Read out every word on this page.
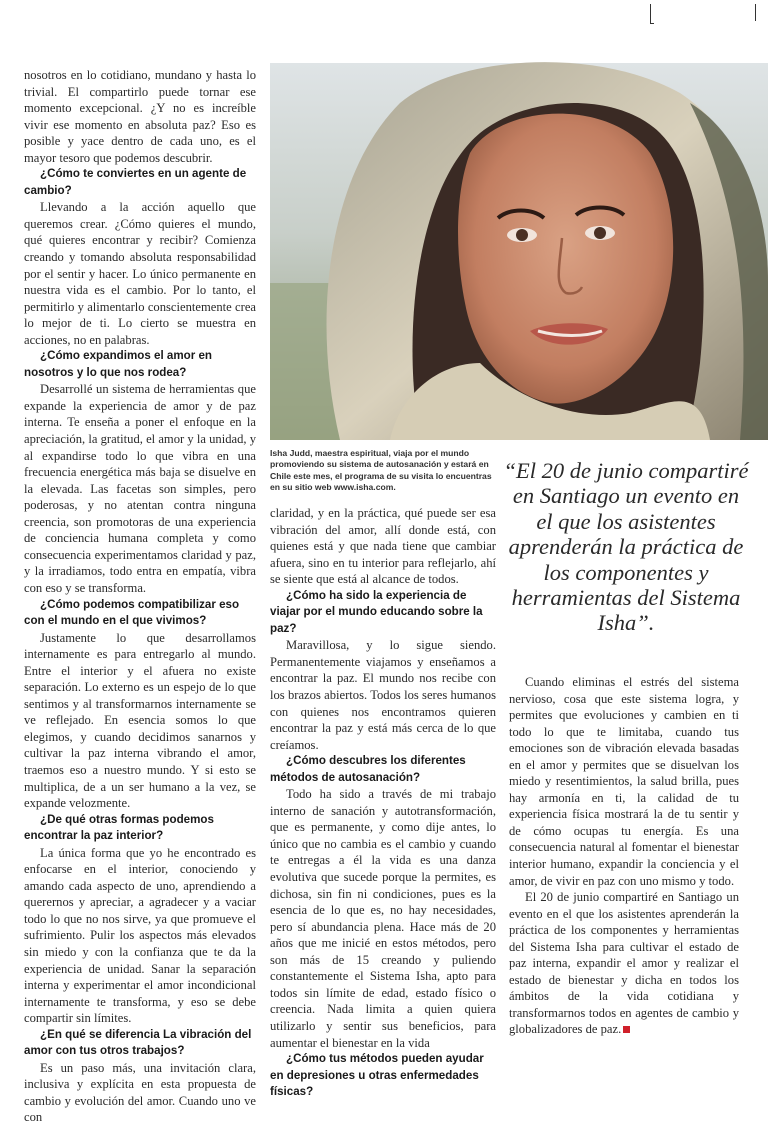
nosotros en lo cotidiano, mundano y hasta lo trivial. El compartirlo puede tornar ese momento excepcional. ¿Y no es increíble vivir ese momento en absoluta paz? Eso es posible y yace dentro de cada uno, es el mayor tesoro que podemos descubrir.

¿Cómo te conviertes en un agente de cambio?

Llevando a la acción aquello que queremos crear. ¿Cómo quieres el mundo, qué quieres encontrar y recibir? Comienza creando y tomando absoluta responsabilidad por el sentir y hacer. Lo único permanente en nuestra vida es el cambio. Por lo tanto, el permitirlo y alimentarlo conscientemente crea lo mejor de ti. Lo cierto se muestra en acciones, no en palabras.

¿Cómo expandimos el amor en nosotros y lo que nos rodea?

Desarrollé un sistema de herramientas que expande la experiencia de amor y de paz interna. Te enseña a poner el enfoque en la apreciación, la gratitud, el amor y la unidad, y al expandirse todo lo que vibra en una frecuencia energética más baja se disuelve en la elevada. Las facetas son simples, pero poderosas, y no atentan contra ninguna creencia, son promotoras de una experiencia de conciencia humana completa y como consecuencia experimentamos claridad y paz, y la irradiamos, todo entra en empatía, vibra con eso y se transforma.

¿Cómo podemos compatibilizar eso con el mundo en el que vivimos?

Justamente lo que desarrollamos internamente es para entregarlo al mundo. Entre el interior y el afuera no existe separación. Lo externo es un espejo de lo que sentimos y al transformarnos internamente se ve reflejado. En esencia somos lo que elegimos, y cuando decidimos sanarnos y cultivar la paz interna vibrando el amor, traemos eso a nuestro mundo. Y si esto se multiplica, de a un ser humano a la vez, se expande velozmente.

¿De qué otras formas podemos encontrar la paz interior?

La única forma que yo he encontrado es enfocarse en el interior, conociendo y amando cada aspecto de uno, aprendiendo a querernos y apreciar, a agradecer y a vaciar todo lo que no nos sirve, ya que promueve el sufrimiento. Pulir los aspectos más elevados sin miedo y con la confianza que te da la experiencia de unidad. Sanar la separación interna y experimentar el amor incondicional internamente te transforma, y eso se debe compartir sin límites.

¿En qué se diferencia La vibración del amor con tus otros trabajos?

Es un paso más, una invitación clara, inclusiva y explícita en esta propuesta de cambio y evolución del amor. Cuando uno ve con

Isha Judd, maestra espiritual, viaja por el mundo promoviendo su sistema de autosanación y estará en Chile este mes, el programa de su visita lo encuentras en su sitio web www.isha.com.
“El 20 de junio compartiré en Santiago un evento en el que los asistentes aprenderán la práctica de los componentes y herramientas del Sistema Isha”.

claridad, y en la práctica, qué puede ser esa vibración del amor, allí donde está, con quienes está y que nada tiene que cambiar afuera, sino en tu interior para reflejarlo, ahí se siente que está al alcance de todos.

¿Cómo ha sido la experiencia de viajar por el mundo educando sobre la paz?

Maravillosa, y lo sigue siendo. Permanentemente viajamos y enseñamos a encontrar la paz. El mundo nos recibe con los brazos abiertos. Todos los seres humanos con quienes nos encontramos quieren encontrar la paz y está más cerca de lo que creíamos.

¿Cómo descubres los diferentes métodos de autosanación?

Todo ha sido a través de mi trabajo interno de sanación y autotransformación, que es permanente, y como dije antes, lo único que no cambia es el cambio y cuando te entregas a él la vida es una danza evolutiva que sucede porque la permites, es dichosa, sin fin ni condiciones, pues es la esencia de lo que es, no hay necesidades, pero sí abundancia plena. Hace más de 20 años que me inicié en estos métodos, pero son más de 15 creando y puliendo constantemente el Sistema Isha, apto para todos sin límite de edad, estado físico o creencia. Nada limita a quien quiera utilizarlo y sentir sus beneficios, para aumentar el bienestar en la vida

¿Cómo tus métodos pueden ayudar en depresiones u otras enfermedades físicas?

Cuando eliminas el estrés del sistema nervioso, cosa que este sistema logra, y permites que evoluciones y cambien en ti todo lo que te limitaba, cuando tus emociones son de vibración elevada basadas en el amor y permites que se disuelvan los miedo y resentimientos, la salud brilla, pues hay armonía en ti, la calidad de tu experiencia física mostrará la de tu sentir y de cómo ocupas tu energía. Es una consecuencia natural al fomentar el bienestar interior humano, expandir la conciencia y el amor, de vivir en paz con uno mismo y todo.

El 20 de junio compartiré en Santiago un evento en el que los asistentes aprenderán la práctica de los componentes y herramientas del Sistema Isha para cultivar el estado de paz interna, expandir el amor y realizar el estado de bienestar y dicha en todos los ámbitos de la vida cotidiana y transformarnos todos en agentes de cambio y globalizadores de paz.
